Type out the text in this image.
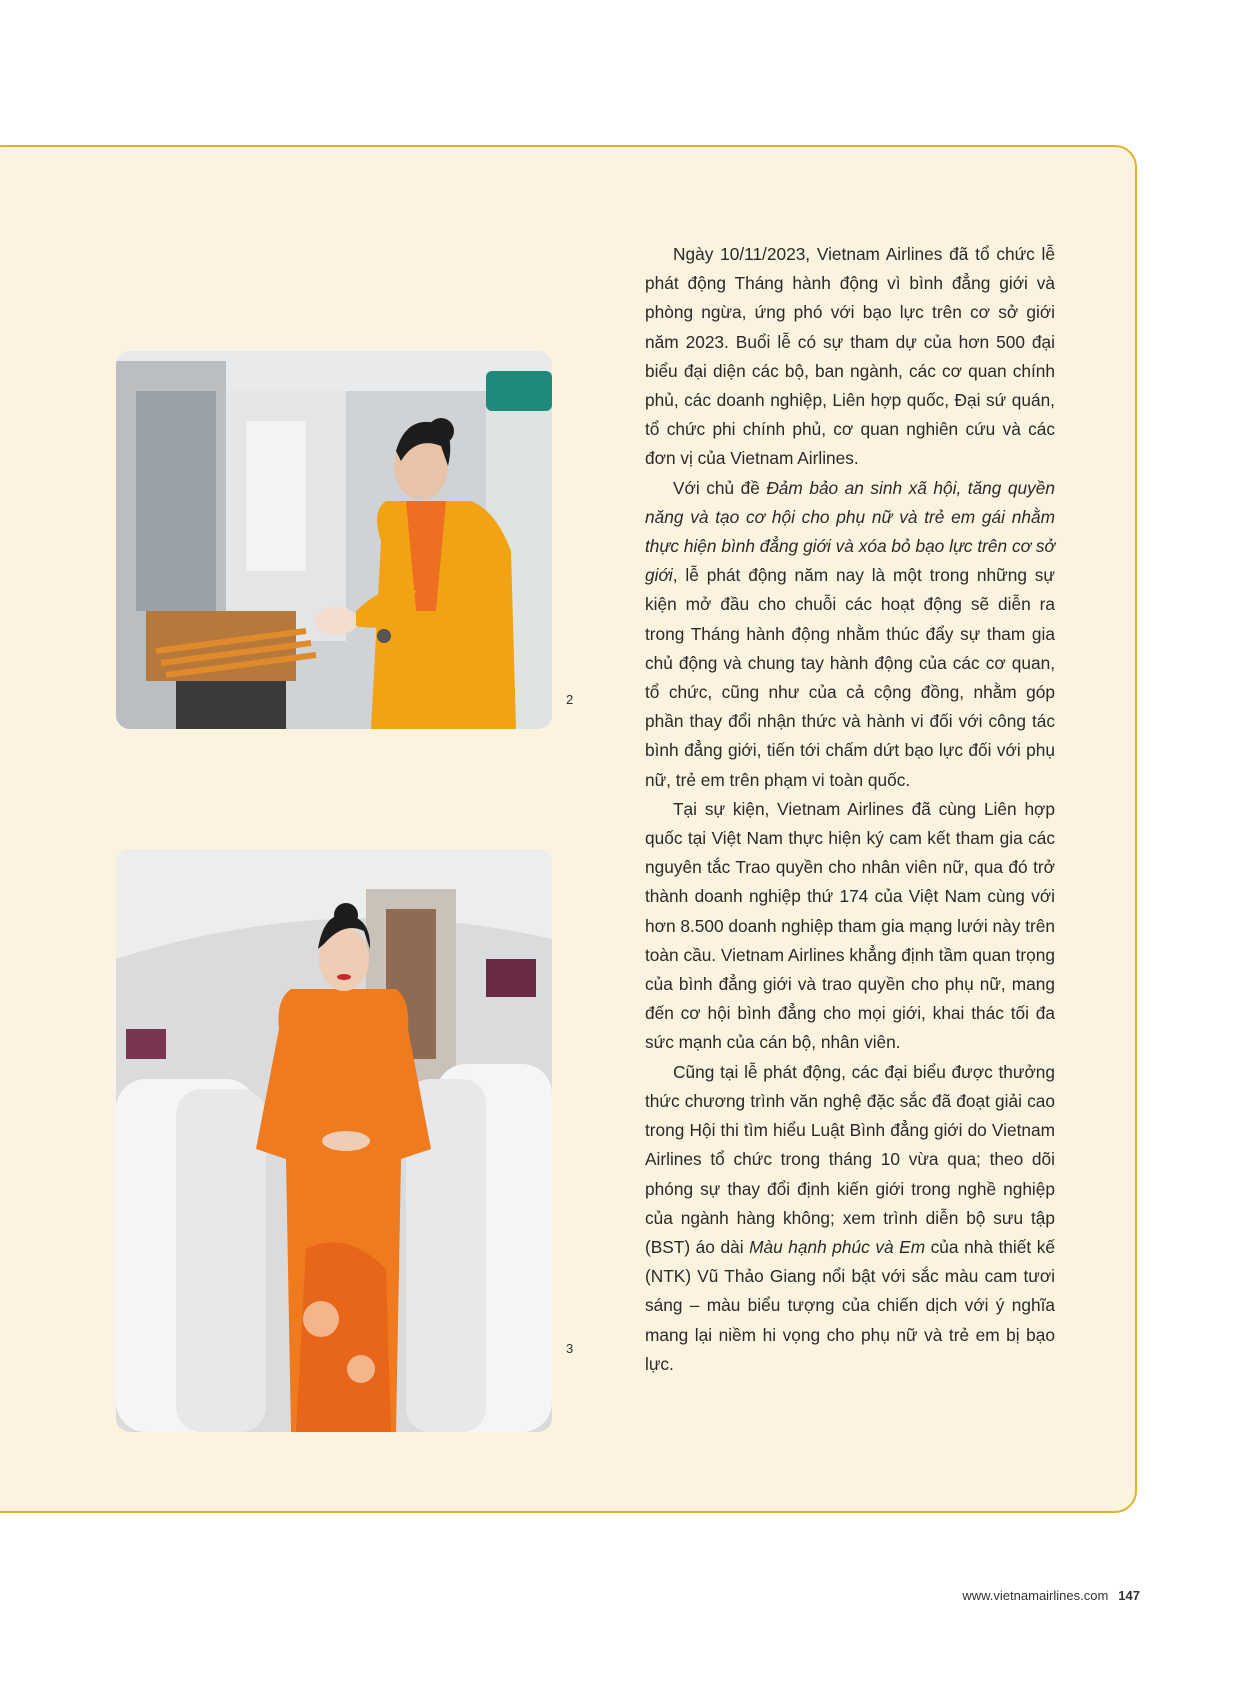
2
3

Ngày 10/11/2023, Vietnam Airlines đã tổ chức lễ phát động Tháng hành động vì bình đẳng giới và phòng ngừa, ứng phó với bạo lực trên cơ sở giới năm 2023. Buổi lễ có sự tham dự của hơn 500 đại biểu đại diện các bộ, ban ngành, các cơ quan chính phủ, các doanh nghiệp, Liên hợp quốc, Đại sứ quán, tổ chức phi chính phủ, cơ quan nghiên cứu và các đơn vị của Vietnam Airlines.

Với chủ đề Đảm bảo an sinh xã hội, tăng quyền năng và tạo cơ hội cho phụ nữ và trẻ em gái nhằm thực hiện bình đẳng giới và xóa bỏ bạo lực trên cơ sở giới, lễ phát động năm nay là một trong những sự kiện mở đầu cho chuỗi các hoạt động sẽ diễn ra trong Tháng hành động nhằm thúc đẩy sự tham gia chủ động và chung tay hành động của các cơ quan, tổ chức, cũng như của cả cộng đồng, nhằm góp phần thay đổi nhận thức và hành vi đối với công tác bình đẳng giới, tiến tới chấm dứt bạo lực đối với phụ nữ, trẻ em trên phạm vi toàn quốc.

Tại sự kiện, Vietnam Airlines đã cùng Liên hợp quốc tại Việt Nam thực hiện ký cam kết tham gia các nguyên tắc Trao quyền cho nhân viên nữ, qua đó trở thành doanh nghiệp thứ 174 của Việt Nam cùng với hơn 8.500 doanh nghiệp tham gia mạng lưới này trên toàn cầu. Vietnam Airlines khẳng định tầm quan trọng của bình đẳng giới và trao quyền cho phụ nữ, mang đến cơ hội bình đẳng cho mọi giới, khai thác tối đa sức mạnh của cán bộ, nhân viên.

Cũng tại lễ phát động, các đại biểu được thưởng thức chương trình văn nghệ đặc sắc đã đoạt giải cao trong Hội thi tìm hiểu Luật Bình đẳng giới do Vietnam Airlines tổ chức trong tháng 10 vừa qua; theo dõi phóng sự thay đổi định kiến giới trong nghề nghiệp của ngành hàng không; xem trình diễn bộ sưu tập (BST) áo dài Màu hạnh phúc và Em của nhà thiết kế (NTK) Vũ Thảo Giang nổi bật với sắc màu cam tươi sáng – màu biểu tượng của chiến dịch với ý nghĩa mang lại niềm hi vọng cho phụ nữ và trẻ em bị bạo lực.

www.vietnamairlines.com 147
